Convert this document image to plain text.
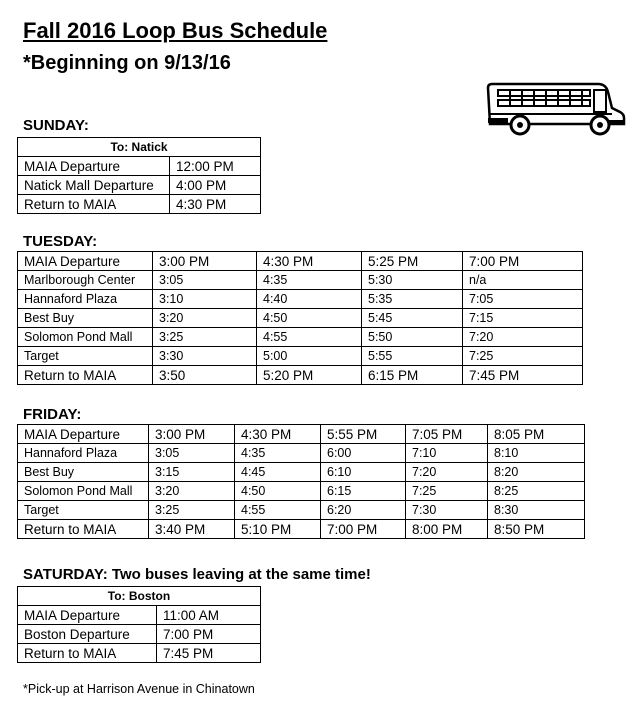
Fall 2016 Loop Bus Schedule
*Beginning on 9/13/16
SUNDAY:
To: Natick	
MAIA Departure	12:00 PM
Natick Mall Departure	4:00 PM
Return to MAIA	4:30 PM
TUESDAY:
MAIA Departure	3:00 PM	4:30 PM	5:25 PM	7:00 PM
Marlborough Center	3:05	4:35	5:30	n/a
Hannaford Plaza	3:10	4:40	5:35	7:05
Best Buy	3:20	4:50	5:45	7:15
Solomon Pond Mall	3:25	4:55	5:50	7:20
Target	3:30	5:00	5:55	7:25
Return to MAIA	3:50	5:20 PM	6:15 PM	7:45 PM
FRIDAY:
MAIA Departure	3:00 PM	4:30 PM	5:55 PM	7:05 PM	8:05 PM
Hannaford Plaza	3:05	4:35	6:00	7:10	8:10
Best Buy	3:15	4:45	6:10	7:20	8:20
Solomon Pond Mall	3:20	4:50	6:15	7:25	8:25
Target	3:25	4:55	6:20	7:30	8:30
Return to MAIA	3:40 PM	5:10 PM	7:00 PM	8:00 PM	8:50 PM
SATURDAY: Two buses leaving at the same time!
To: Boston	
MAIA Departure	11:00 AM
Boston Departure	7:00 PM
Return to MAIA	7:45 PM
*Pick-up at Harrison Avenue in Chinatown
